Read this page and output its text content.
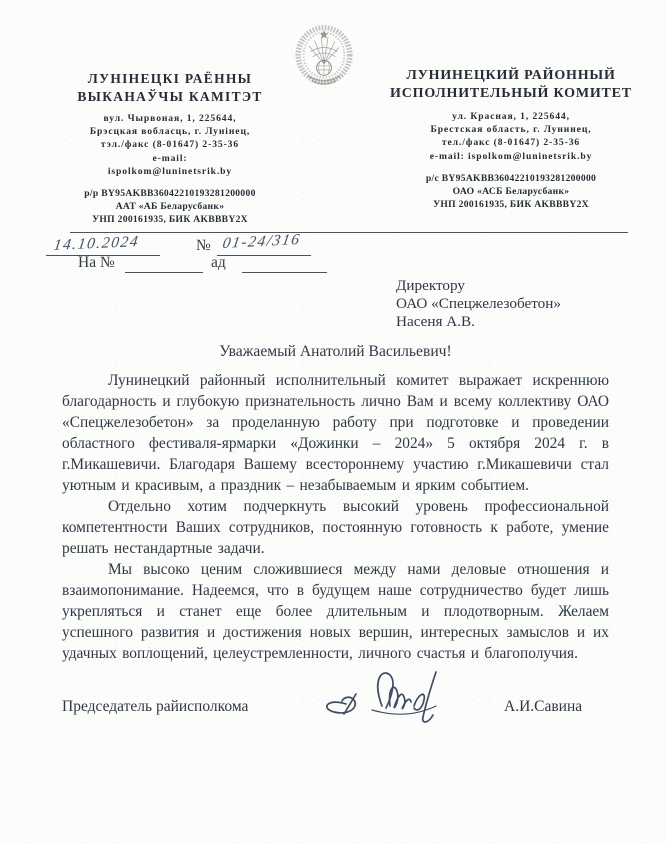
ЛУНІНЕЦКІ РАЁННЫ
ВЫКАНАЎЧЫ КАМІТЭТ
вул. Чырвоная, 1, 225644,
Брэсцкая вобласць, г. Лунінец,
тэл./факс (8-01647) 2-35-36
e-mail:
ispolkom@luninetsrik.by
р/р BY95AKBB36042210193281200000
ААТ «АБ Беларусбанк»
УНП 200161935, БИК AKBBBY2X
ЛУНИНЕЦКИЙ РАЙОННЫЙ
ИСПОЛНИТЕЛЬНЫЙ КОМИТЕТ
ул. Красная, 1, 225644,
Брестская область, г. Лунинец,
тел./факс (8-01647) 2-35-36
e-mail: ispolkom@luninetsrik.by
р/с BY95AKBB36042210193281200000
ОАО «АСБ Беларусбанк»
УНП 200161935, БИК AKBBBY2X
14.10.2024	№ 01-24/316
На №	ад
Директору
ОАО «Спецжелезобетон»
Насеня А.В.
Уважаемый Анатолий Васильевич!

Лунинецкий районный исполнительный комитет выражает искреннюю благодарность и глубокую признательность лично Вам и всему коллективу ОАО «Спецжелезобетон» за проделанную работу при подготовке и проведении областного фестиваля-ярмарки «Дожинки – 2024» 5 октября 2024 г. в г.Микашевичи. Благодаря Вашему всестороннему участию г.Микашевичи стал уютным и красивым, а праздник – незабываемым и ярким событием.

Отдельно хотим подчеркнуть высокий уровень профессиональной компетентности Ваших сотрудников, постоянную готовность к работе, умение решать нестандартные задачи.

Мы высоко ценим сложившиеся между нами деловые отношения и взаимопонимание. Надеемся, что в будущем наше сотрудничество будет лишь укрепляться и станет еще более длительным и плодотворным. Желаем успешного развития и достижения новых вершин, интересных замыслов и их удачных воплощений, целеустремленности, личного счастья и благополучия.

Председатель райисполкома	А.И.Савина
